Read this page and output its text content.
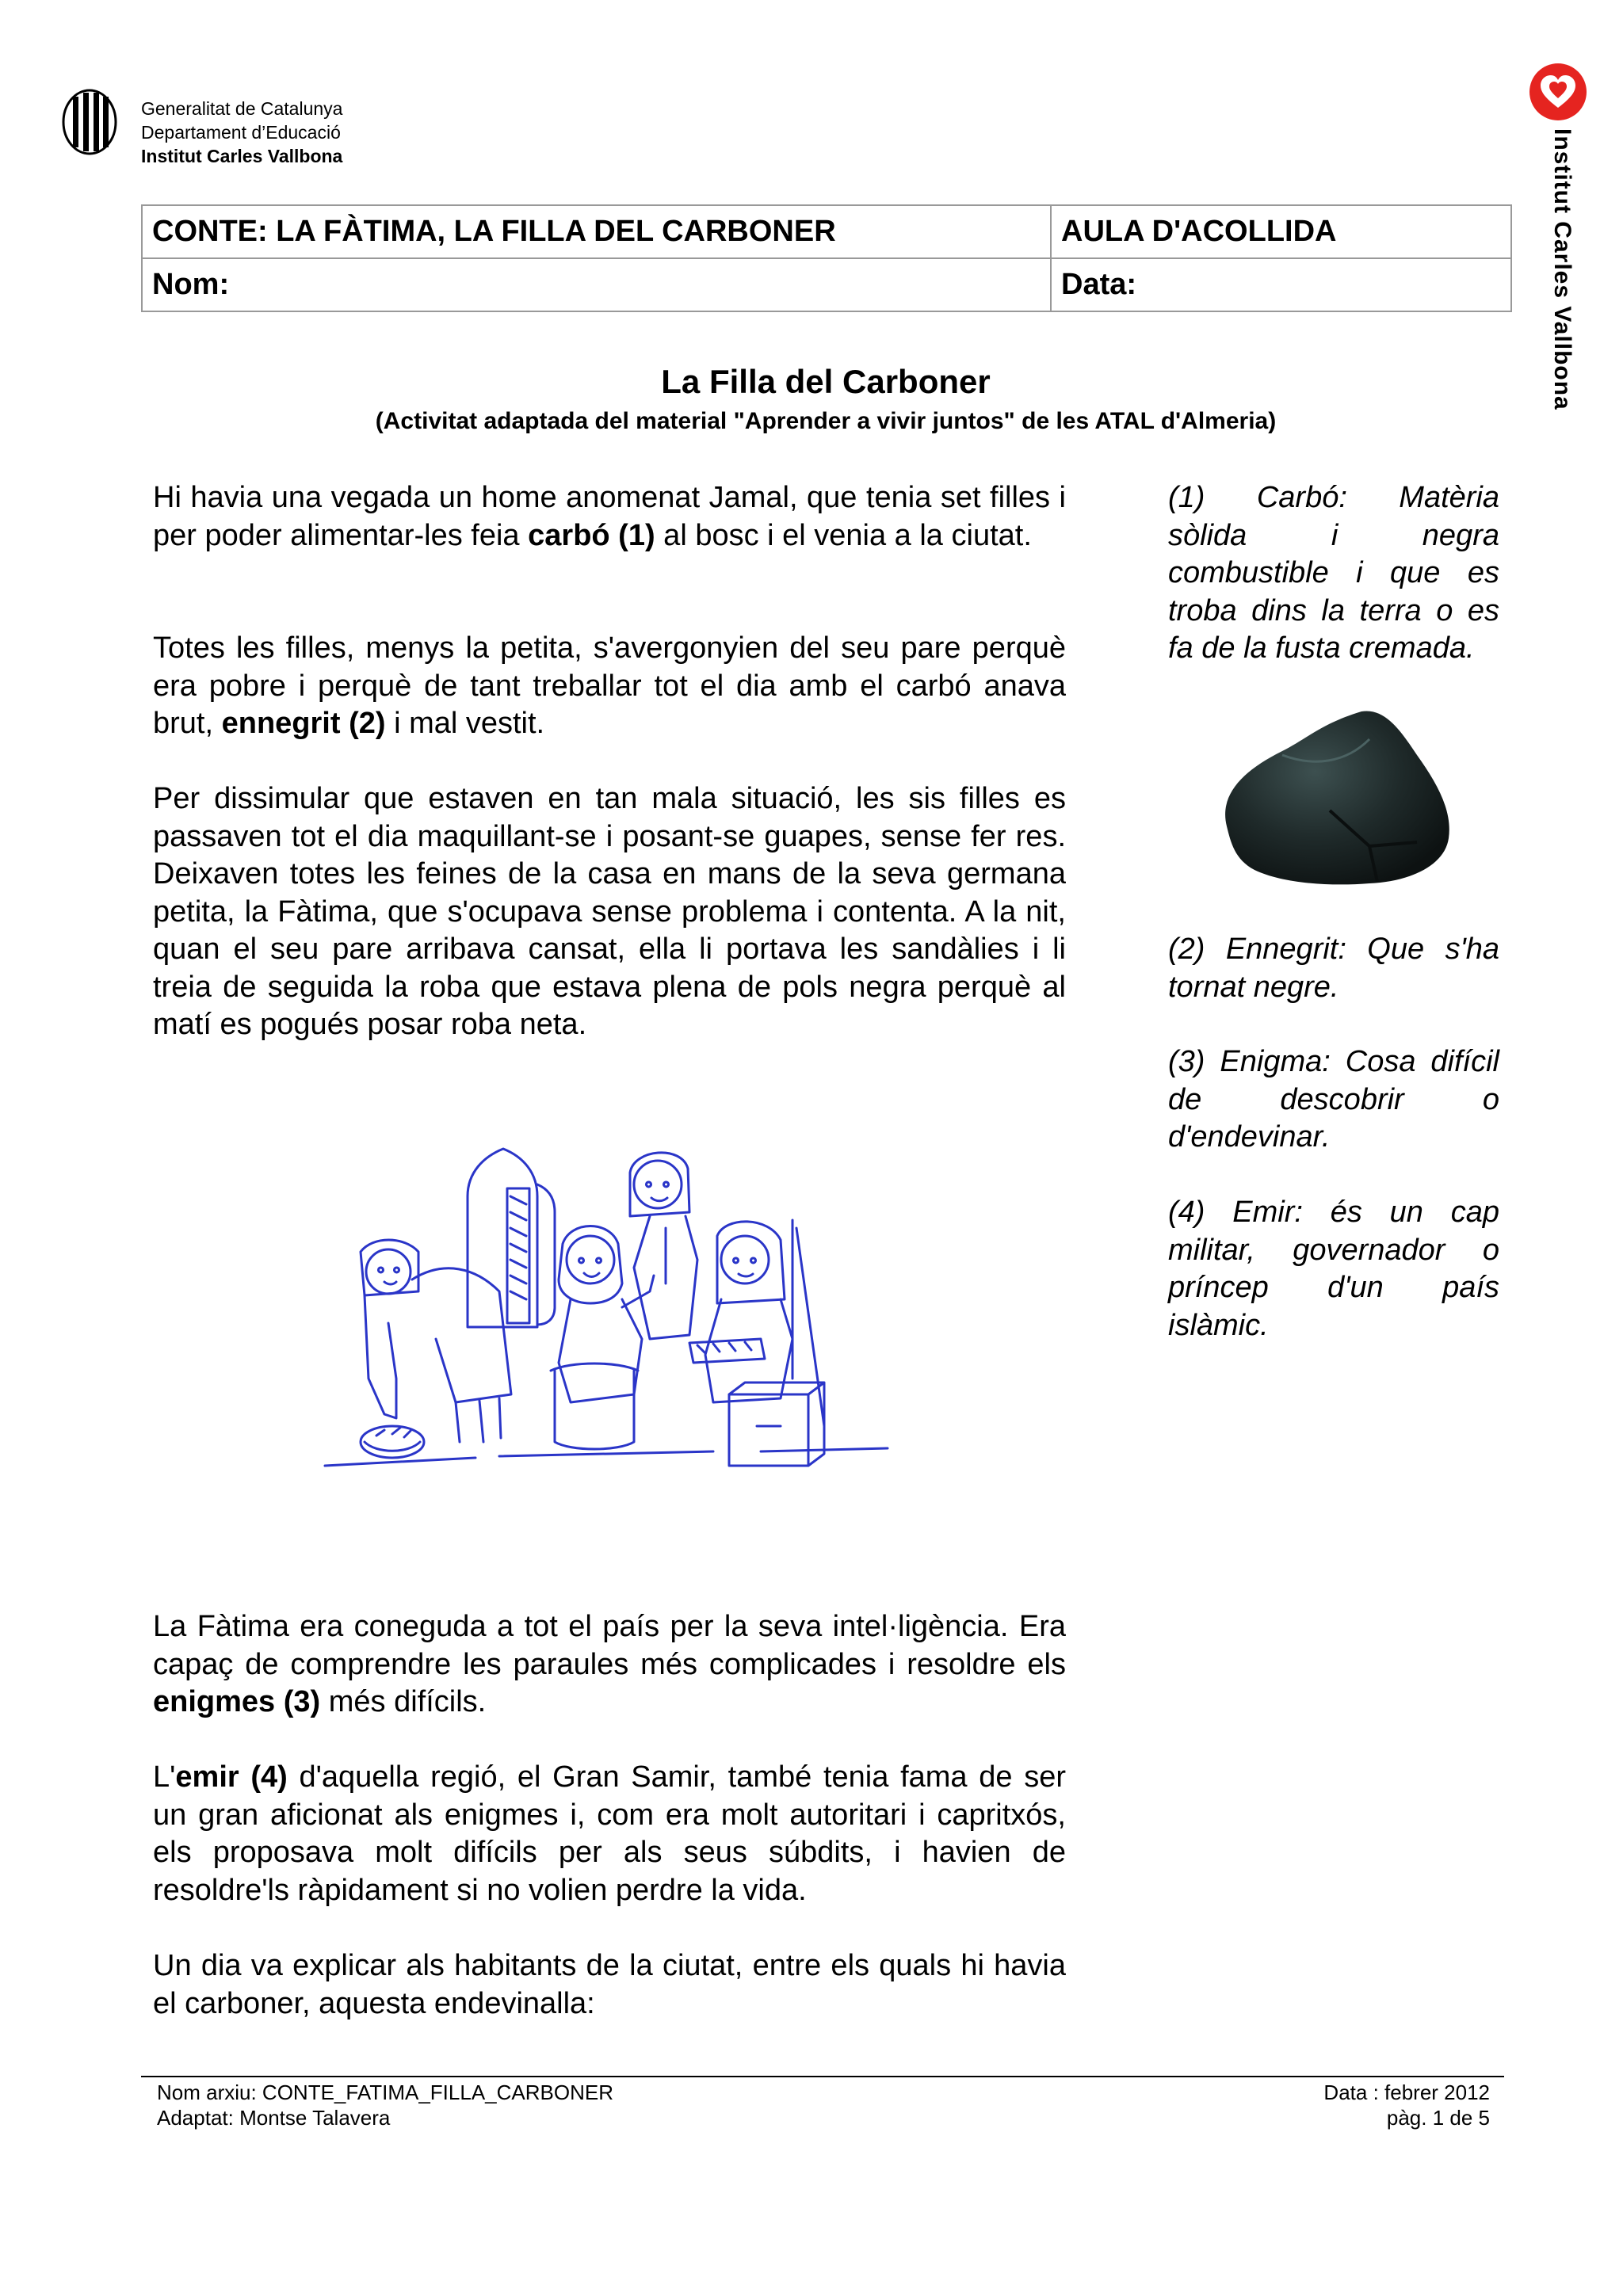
Generalitat de Catalunya
Departament d’Educació
Institut Carles Vallbona	Institut Carles Vallbona
CONTE: LA FÀTIMA, LA FILLA DEL CARBONER	AULA D'ACOLLIDA
Nom:	Data:
La Filla del Carboner
(Activitat adaptada del material "Aprender a vivir juntos" de les ATAL d'Almeria)
Hi havia una vegada un home anomenat Jamal, que tenia set filles i per poder alimentar-les feia carbó (1) al bosc i el venia a la ciutat.
Totes les filles, menys la petita, s'avergonyien del seu pare perquè era pobre i perquè de tant treballar tot el dia amb el carbó anava brut, ennegrit (2) i mal vestit.
Per dissimular que estaven en tan mala situació, les sis filles es passaven tot el dia maquillant-se i posant-se guapes, sense fer res. Deixaven totes les feines de la casa en mans de la seva germana petita, la Fàtima, que s'ocupava sense problema i contenta. A la nit, quan el seu pare arribava cansat, ella li portava les sandàlies i li treia de seguida la roba que estava plena de pols negra perquè al matí es pogués posar roba neta.
La Fàtima era coneguda a tot el país per la seva intel·ligència. Era capaç de comprendre les paraules més complicades i resoldre els enigmes (3) més difícils.
L'emir (4) d'aquella regió, el Gran Samir, també tenia fama de ser un gran aficionat als enigmes i, com era molt autoritari i capritxós, els proposava molt difícils per als seus súbdits, i havien de resoldre'ls ràpidament si no volien perdre la vida.
Un dia va explicar als habitants de la ciutat, entre els quals hi havia el carboner, aquesta endevinalla:
(1) Carbó: Matèria sòlida i negra combustible i que es troba dins la terra o es fa de la fusta cremada.
(2) Ennegrit: Que s'ha tornat negre.
(3) Enigma: Cosa difícil de descobrir o d'endevinar.
(4) Emir: és un cap militar, governador o príncep d'un país islàmic.
Nom arxiu: CONTE_FATIMA_FILLA_CARBONER
Adaptat: Montse Talavera
Data : febrer 2012
pàg. 1 de 5
